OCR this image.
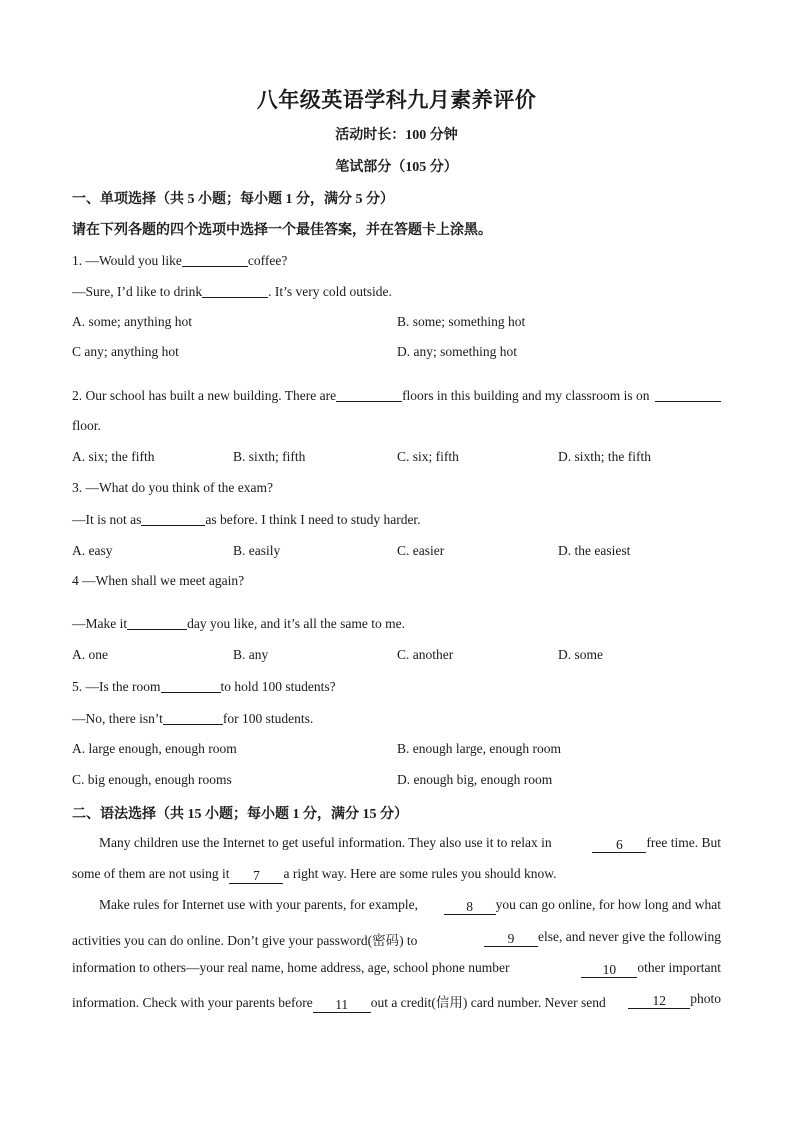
八年级英语学科九月素养评价
活动时长：100 分钟
笔试部分（105 分）
一、单项选择（共 5 小题；每小题 1 分，满分 5 分）
请在下列各题的四个选项中选择一个最佳答案，并在答题卡上涂黑。
1. —Would you like	coffee?
—Sure, I’d like to drink	. It’s very cold outside.
A. some; anything hot	B. some; something hot
C any; anything hot	D. any; something hot
2. Our school has built a new building. There are	floors in this building and my classroom is on
floor.
A. six; the fifth	B. sixth; fifth	C. six; fifth	D. sixth; the fifth
3. —What do you think of the exam?
—It is not as	as before. I think I need to study harder.
A. easy	B. easily	C. easier	D. the easiest
4 —When shall we meet again?
—Make it	day you like, and it’s all the same to me.
A. one	B. any	C. another	D. some
5. —Is the room	to hold 100 students?
—No, there isn’t	for 100 students.
A. large enough, enough room	B. enough large, enough room
C. big enough, enough rooms	D. enough big, enough room
二、语法选择（共 15 小题；每小题 1 分，满分 15 分）
Many children use the Internet to get useful information. They also use it to relax in	6 free time. But
some of them are not using it 7 a right way. Here are some rules you should know.
Make rules for Internet use with your parents, for example,	8 you can go online, for how long and what
activities you can do online. Don’t give your password(密码) to	9 else, and never give the following
information to others—your real name, home address, age, school phone number	10 other important
information. Check with your parents before 11 out a credit(信用) card number. Never send	12 photo
